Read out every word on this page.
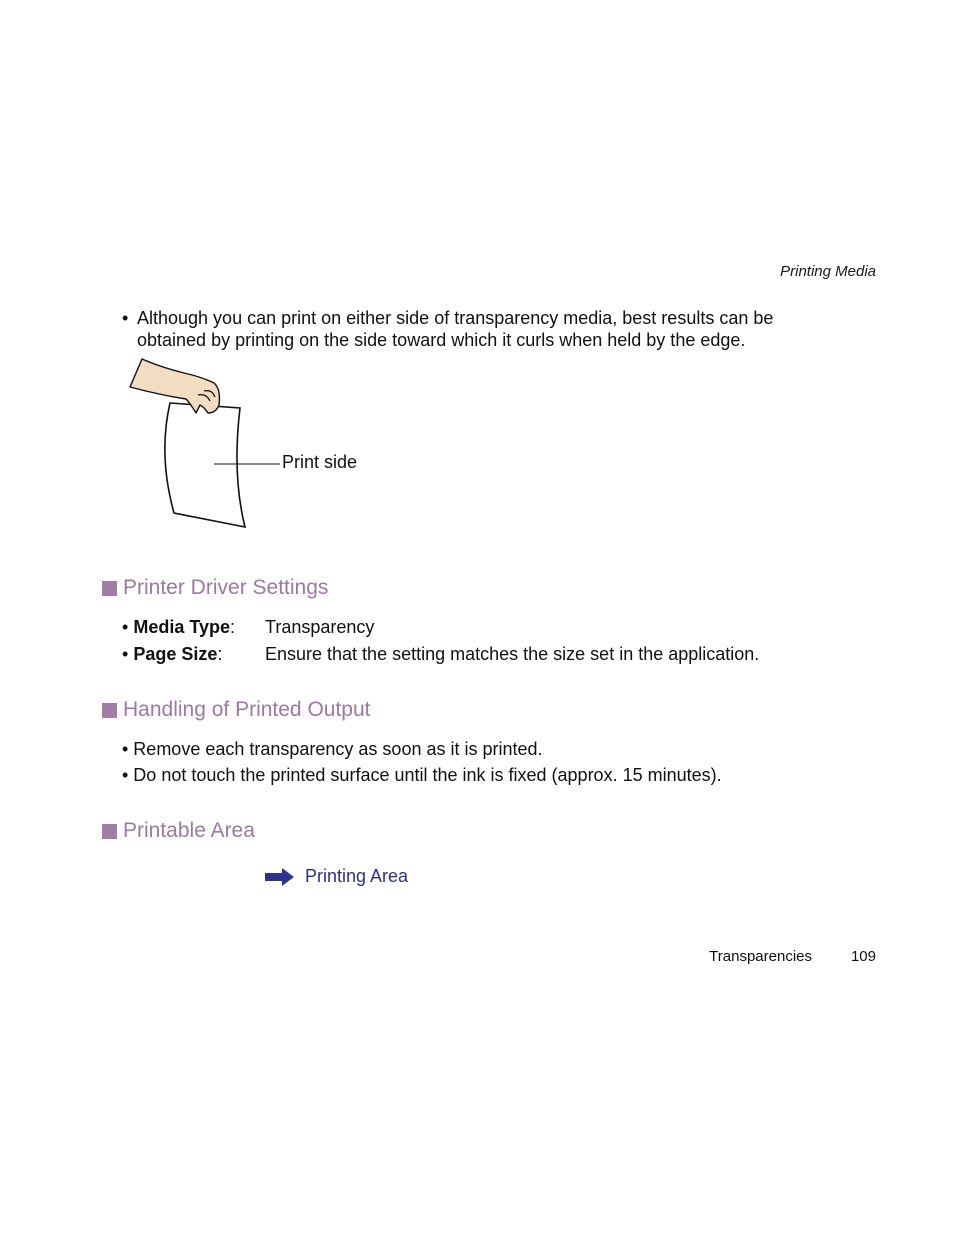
Printing Media
• Although you can print on either side of transparency media, best results can be obtained by printing on the side toward which it curls when held by the edge.
Print side
Printer Driver Settings
• Media Type: Transparency
• Page Size: Ensure that the setting matches the size set in the application.
Handling of Printed Output
• Remove each transparency as soon as it is printed.
• Do not touch the printed surface until the ink is fixed (approx. 15 minutes).
Printable Area
Printing Area
Transparencies	109
